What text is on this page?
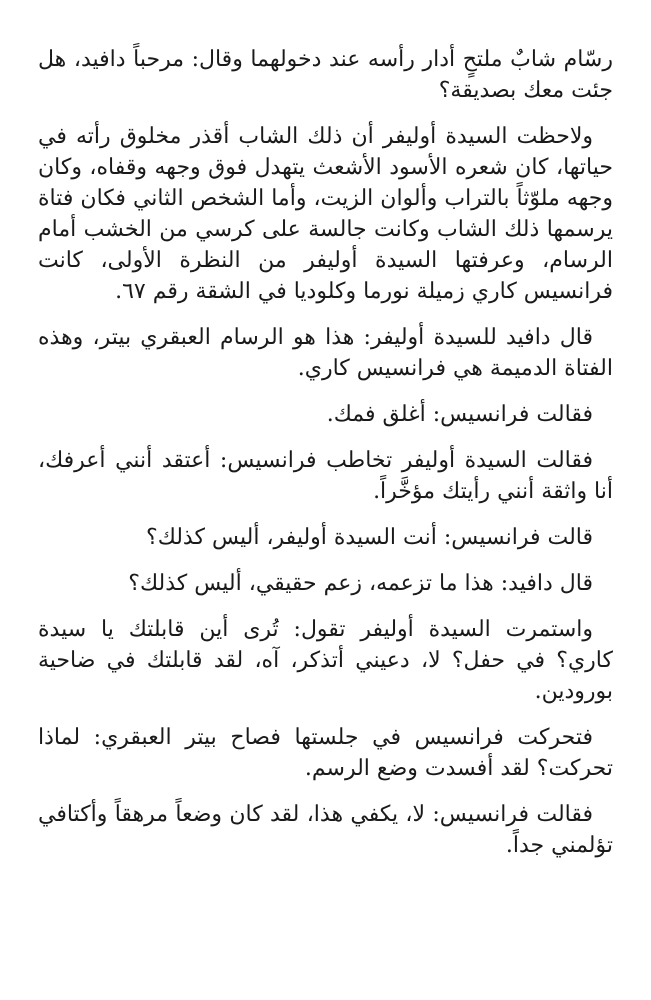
رسّام شابٌ ملتحٍ أدار رأسه عند دخولهما وقال: مرحباً دافيد، هل جئت معك بصديقة؟

ولاحظت السيدة أوليفر أن ذلك الشاب أقذر مخلوق رأته في حياتها، كان شعره الأسود الأشعث يتهدل فوق وجهه وقفاه، وكان وجهه ملوّثاً بالتراب وألوان الزيت، وأما الشخص الثاني فكان فتاة يرسمها ذلك الشاب وكانت جالسة على كرسي من الخشب أمام الرسام، وعرفتها السيدة أوليفر من النظرة الأولى، كانت فرانسيس كاري زميلة نورما وكلوديا في الشقة رقم ٦٧.

قال دافيد للسيدة أوليفر: هذا هو الرسام العبقري بيتر، وهذه الفتاة الدميمة هي فرانسيس كاري.

فقالت فرانسيس: أغلق فمك.

فقالت السيدة أوليفر تخاطب فرانسيس: أعتقد أنني أعرفك، أنا واثقة أنني رأيتك مؤخَّراً.

قالت فرانسيس: أنت السيدة أوليفر، أليس كذلك؟

قال دافيد: هذا ما تزعمه، زعم حقيقي، أليس كذلك؟

واستمرت السيدة أوليفر تقول: تُرى أين قابلتك يا سيدة كاري؟ في حفل؟ لا، دعيني أتذكر، آه، لقد قابلتك في ضاحية بورودين.

فتحركت فرانسيس في جلستها فصاح بيتر العبقري: لماذا تحركت؟ لقد أفسدت وضع الرسم.

فقالت فرانسيس: لا، يكفي هذا، لقد كان وضعاً مرهقاً وأكتافي تؤلمني جداً.
